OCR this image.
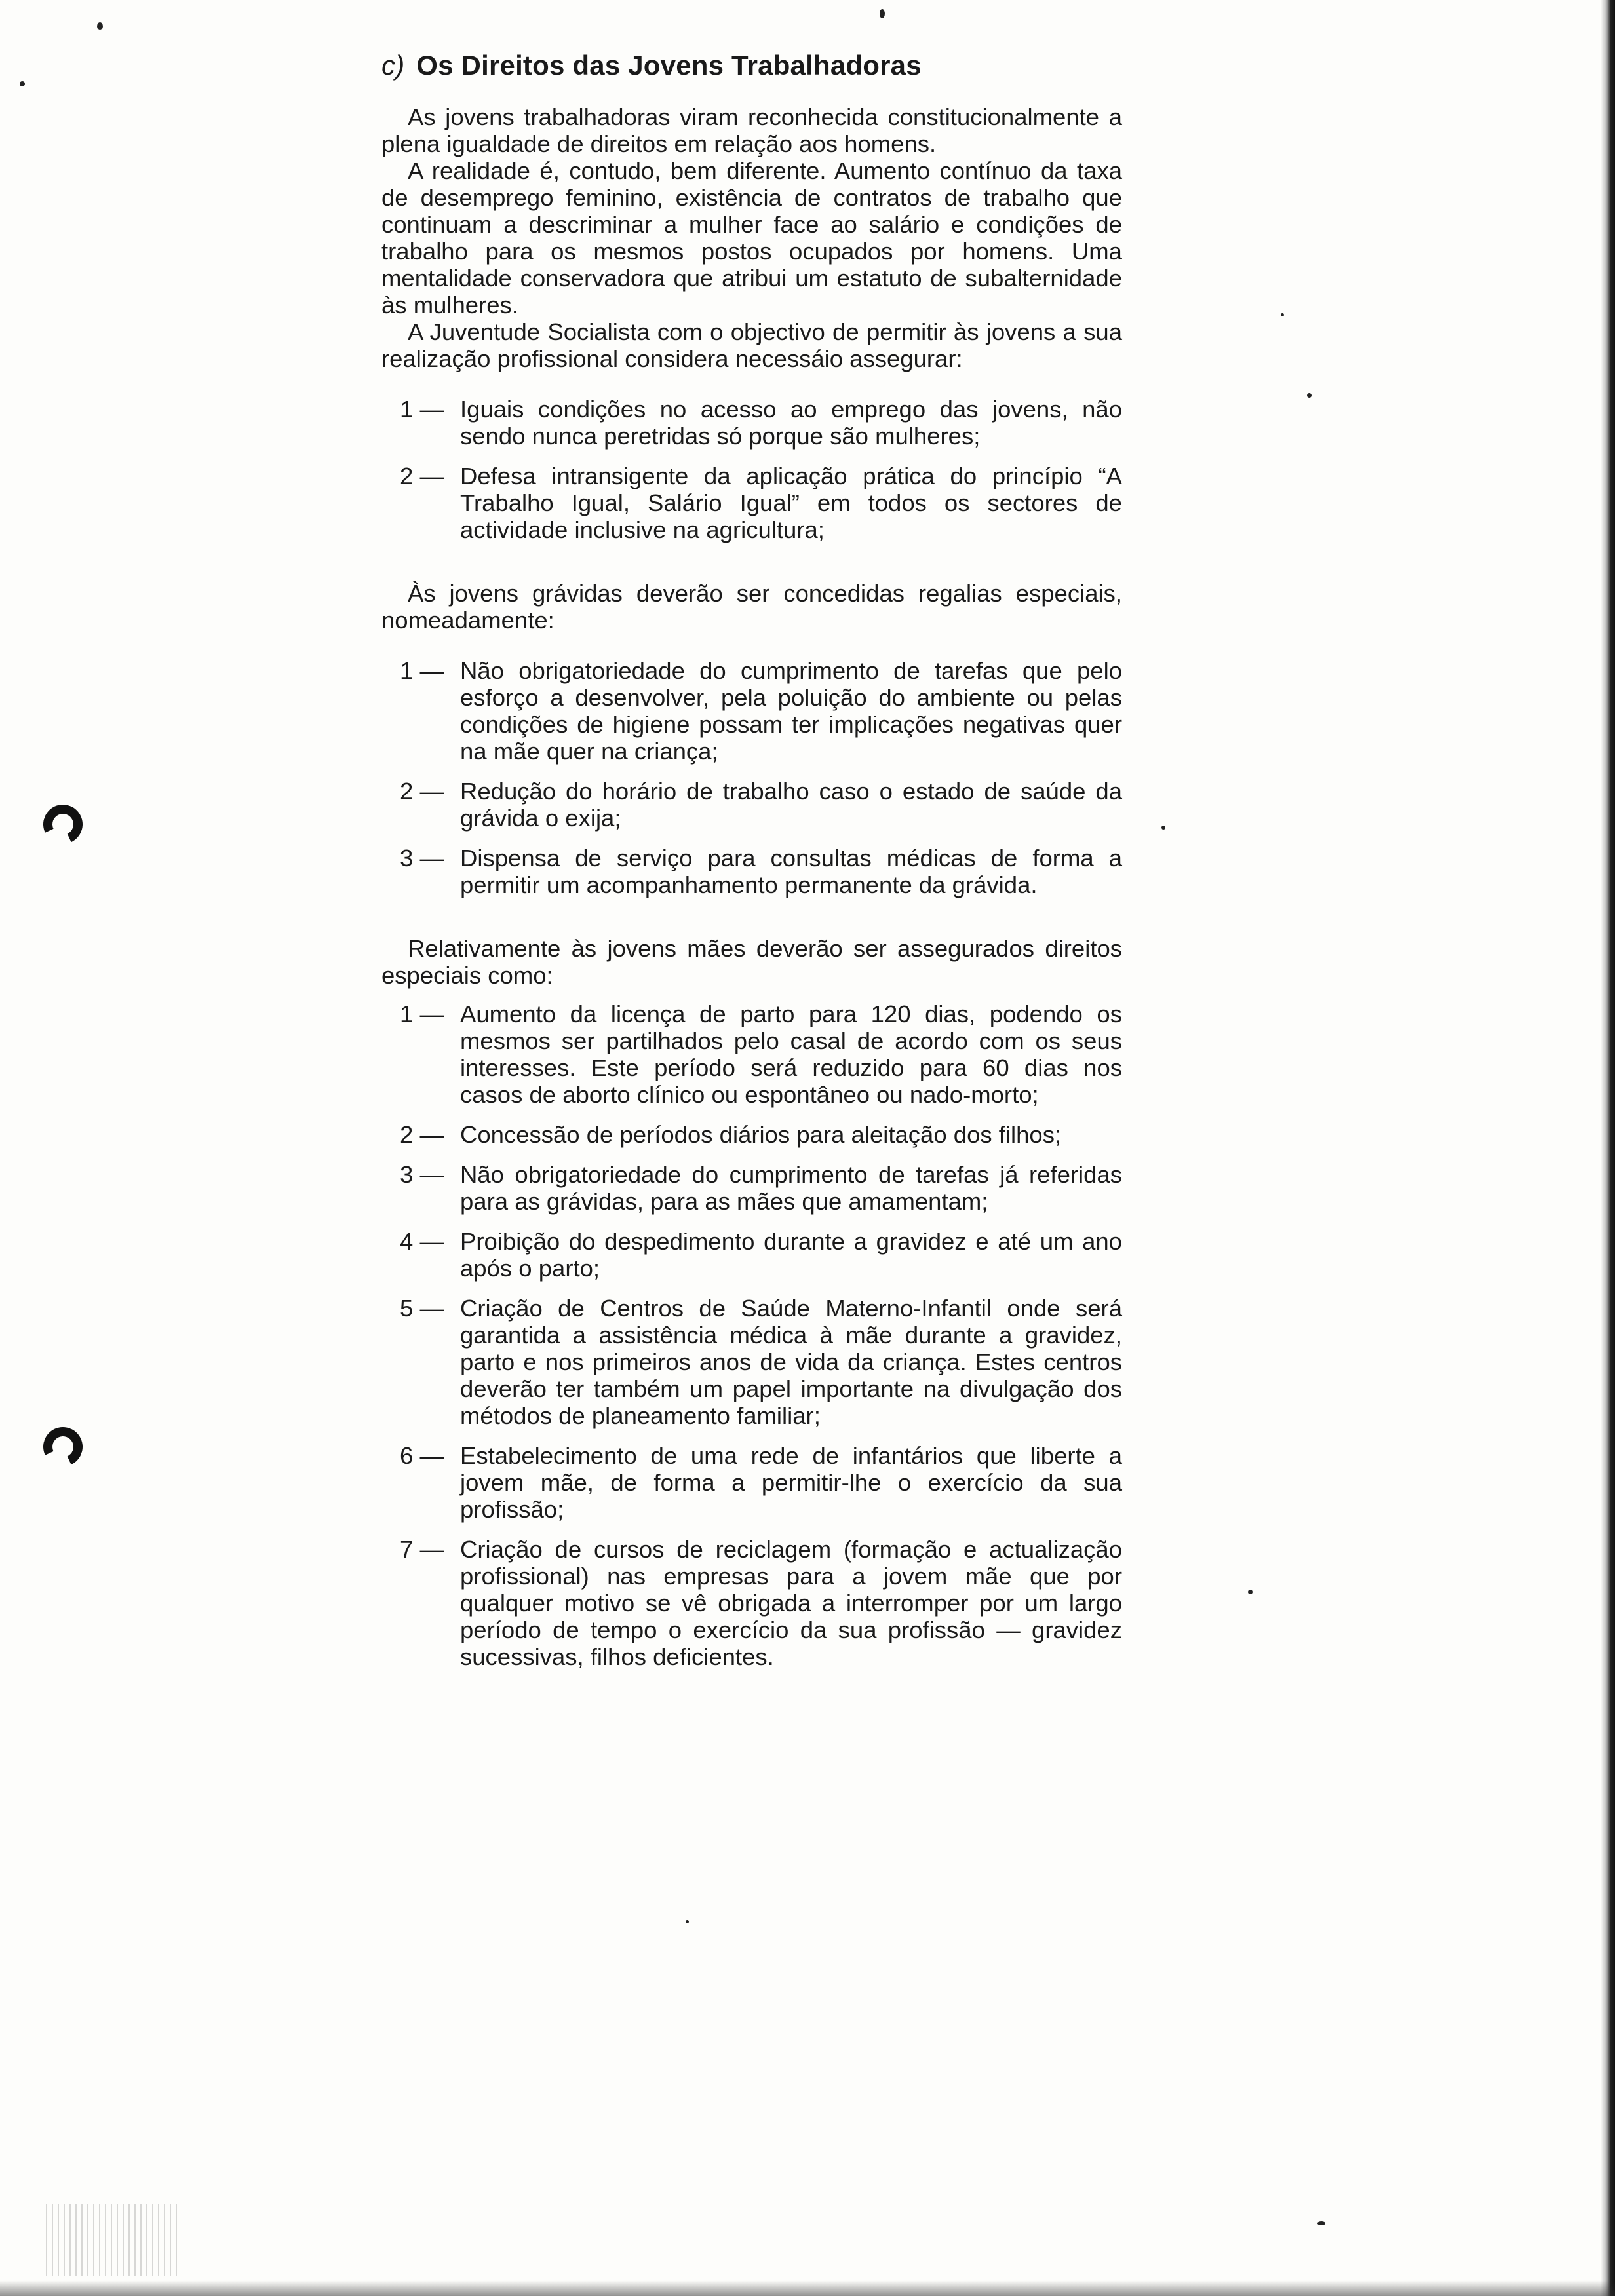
c) Os Direitos das Jovens Trabalhadoras

As jovens trabalhadoras viram reconhecida constitucionalmente a plena igualdade de direitos em relação aos homens.

A realidade é, contudo, bem diferente. Aumento contínuo da taxa de desemprego feminino, existência de contratos de trabalho que continuam a descriminar a mulher face ao salário e condições de trabalho para os mesmos postos ocupados por homens. Uma mentalidade conservadora que atribui um estatuto de subalternidade às mulheres.

A Juventude Socialista com o objectivo de permitir às jovens a sua realização profissional considera necessáio assegurar:

1 — Iguais condições no acesso ao emprego das jovens, não sendo nunca peretridas só porque são mulheres;
2 — Defesa intransigente da aplicação prática do princípio “A Trabalho Igual, Salário Igual” em todos os sectores de actividade inclusive na agricultura;

Às jovens grávidas deverão ser concedidas regalias especiais, nomeadamente:

1 — Não obrigatoriedade do cumprimento de tarefas que pelo esforço a desenvolver, pela poluição do ambiente ou pelas condições de higiene possam ter implicações negativas quer na mãe quer na criança;
2 — Redução do horário de trabalho caso o estado de saúde da grávida o exija;
3 — Dispensa de serviço para consultas médicas de forma a permitir um acompanhamento permanente da grávida.

Relativamente às jovens mães deverão ser assegurados direitos especiais como:

1 — Aumento da licença de parto para 120 dias, podendo os mesmos ser partilhados pelo casal de acordo com os seus interesses. Este período será reduzido para 60 dias nos casos de aborto clínico ou espontâneo ou nado-morto;
2 — Concessão de períodos diários para aleitação dos filhos;
3 — Não obrigatoriedade do cumprimento de tarefas já referidas para as grávidas, para as mães que amamentam;
4 — Proibição do despedimento durante a gravidez e até um ano após o parto;
5 — Criação de Centros de Saúde Materno-Infantil onde será garantida a assistência médica à mãe durante a gravidez, parto e nos primeiros anos de vida da criança. Estes centros deverão ter também um papel importante na divulgação dos métodos de planeamento familiar;
6 — Estabelecimento de uma rede de infantários que liberte a jovem mãe, de forma a permitir-lhe o exercício da sua profissão;
7 — Criação de cursos de reciclagem (formação e actualização profissional) nas empresas para a jovem mãe que por qualquer motivo se vê obrigada a interromper por um largo período de tempo o exercício da sua profissão — gravidez sucessivas, filhos deficientes.
